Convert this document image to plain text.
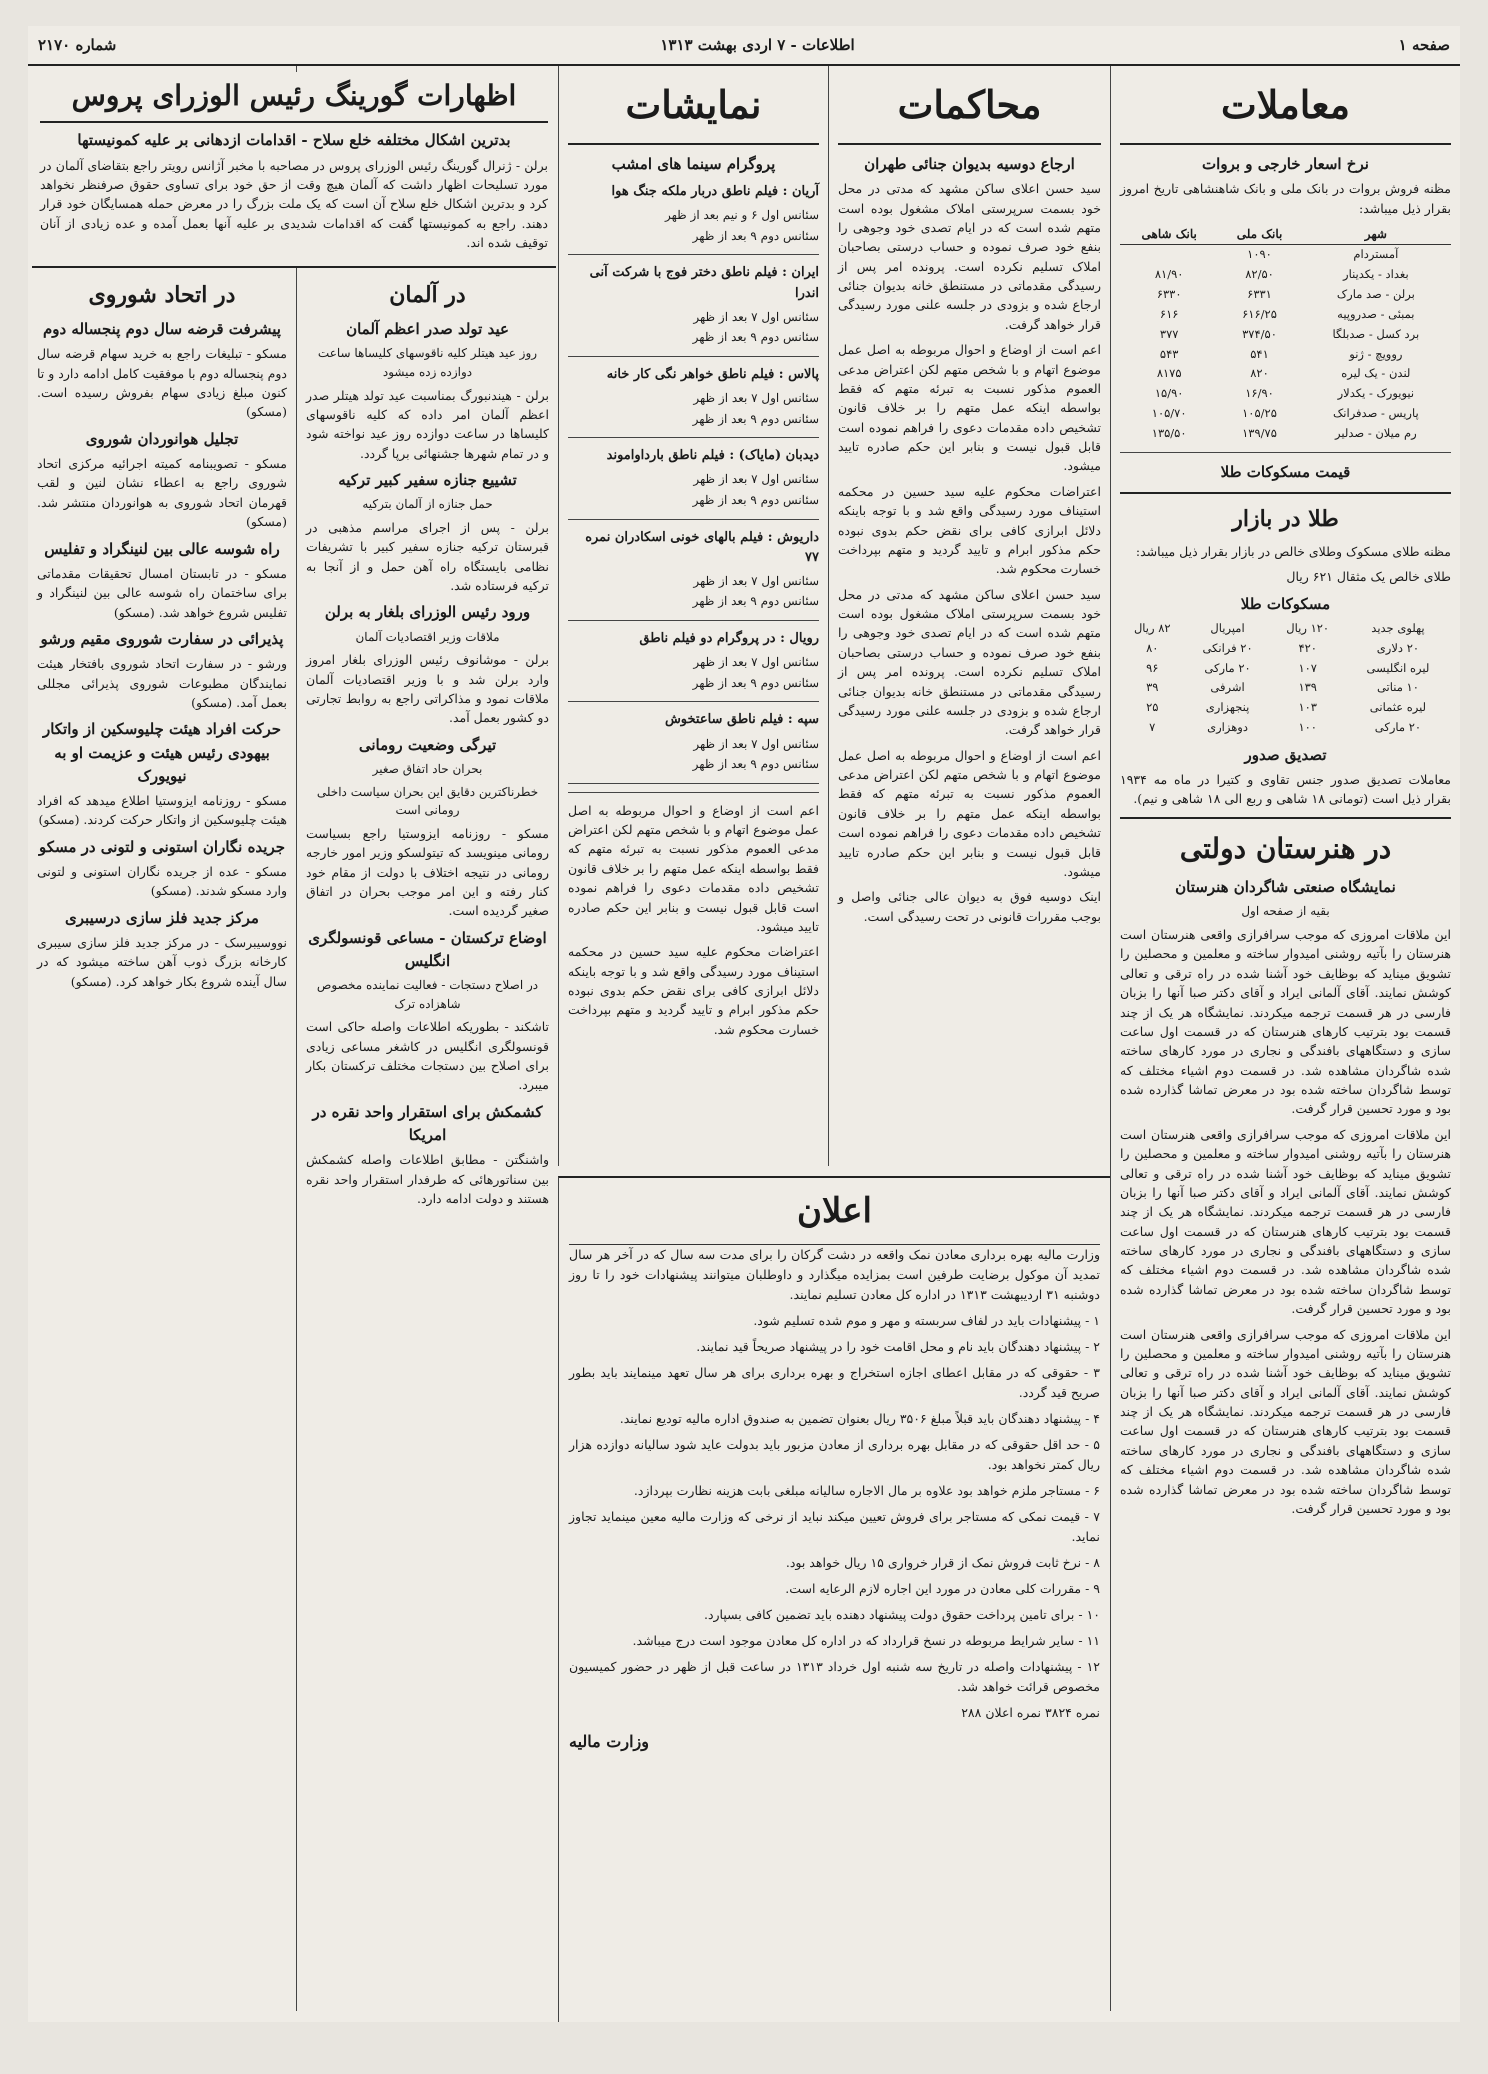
صفحه ۱
اطلاعات - ۷ اردی بهشت ۱۳۱۳
شماره ۲۱۷۰
معاملات
نرخ اسعار خارجی و بروات
مظنه فروش بروات در بانک ملی و بانک شاهنشاهی تاریخ امروز بقرار ذیل میباشد:
شهر	بانک ملی	بانک شاهی
آمستردام	۱۰۹۰	
بغداد - یکدینار	۸۲/۵۰	۸۱/۹۰
برلن - صد مارک	۶۳۳۱	۶۳۳۰
بمبئی - صدروپیه	۶۱۶/۲۵	۶۱۶
برد کسل - صدبلگا	۳۷۴/۵۰	۳۷۷
روویچ - ژنو	۵۴۱	۵۴۳
لندن - یک لیره	۸۲۰	۸۱۷۵
نیویورک - یکدلار	۱۶/۹۰	۱۵/۹۰
پاریس - صدفرانک	۱۰۵/۲۵	۱۰۵/۷۰
رم میلان - صدلیر	۱۳۹/۷۵	۱۳۵/۵۰
قیمت مسکوکات طلا
طلا در بازار
مظنه طلای مسکوک وطلای خالص در بازار بقرار ذیل میباشد:
طلای خالص یک مثقال ۶۲۱ ریال
مسکوکات طلا
پهلوی جدید	۱۲۰ ریال	امپریال	۸۲ ریال
۲۰ دلاری	۴۲۰	۲۰ فرانکی	۸۰
لیره انگلیسی	۱۰۷	۲۰ مارکی	۹۶
۱۰ مناتی	۱۳۹	اشرفی	۳۹
لیره عثمانی	۱۰۳	پنجهزاری	۲۵
۲۰ مارکی	۱۰۰	دوهزاری	۷
تصدیق صدور
معاملات تصدیق صدور جنس تقاوی و کتیرا در ماه مه ۱۹۳۴ بقرار ذیل است (تومانی ۱۸ شاهی و ربع الی ۱۸ شاهی و نیم).
در هنرستان دولتی
نمایشگاه صنعتی شاگردان هنرستان
بقیه از صفحه اول
این ملاقات امروزی که موجب سرافرازی واقعی هنرستان است هنرستان را بآتیه روشنی امیدوار ساخته و معلمین و محصلین را تشویق میناید که بوظایف خود آشنا شده در راه ترقی و تعالی کوشش نمایند. آقای آلمانی ایراد و آقای دکتر صبا آنها را بزبان فارسی در هر قسمت ترجمه میکردند. نمایشگاه هر یک از چند قسمت بود بترتیب کارهای هنرستان که در قسمت اول ساعت سازی و دستگاههای بافندگی و نجاری در مورد کارهای ساخته شده شاگردان مشاهده شد. در قسمت دوم اشیاء مختلف که توسط شاگردان ساخته شده بود در معرض تماشا گذارده شده بود و مورد تحسین قرار گرفت.
این ملاقات امروزی که موجب سرافرازی واقعی هنرستان است هنرستان را بآتیه روشنی امیدوار ساخته و معلمین و محصلین را تشویق میناید که بوظایف خود آشنا شده در راه ترقی و تعالی کوشش نمایند. آقای آلمانی ایراد و آقای دکتر صبا آنها را بزبان فارسی در هر قسمت ترجمه میکردند. نمایشگاه هر یک از چند قسمت بود بترتیب کارهای هنرستان که در قسمت اول ساعت سازی و دستگاههای بافندگی و نجاری در مورد کارهای ساخته شده شاگردان مشاهده شد. در قسمت دوم اشیاء مختلف که توسط شاگردان ساخته شده بود در معرض تماشا گذارده شده بود و مورد تحسین قرار گرفت.
این ملاقات امروزی که موجب سرافرازی واقعی هنرستان است هنرستان را بآتیه روشنی امیدوار ساخته و معلمین و محصلین را تشویق میناید که بوظایف خود آشنا شده در راه ترقی و تعالی کوشش نمایند. آقای آلمانی ایراد و آقای دکتر صبا آنها را بزبان فارسی در هر قسمت ترجمه میکردند. نمایشگاه هر یک از چند قسمت بود بترتیب کارهای هنرستان که در قسمت اول ساعت سازی و دستگاههای بافندگی و نجاری در مورد کارهای ساخته شده شاگردان مشاهده شد. در قسمت دوم اشیاء مختلف که توسط شاگردان ساخته شده بود در معرض تماشا گذارده شده بود و مورد تحسین قرار گرفت.
محاکمات
ارجاع دوسیه بدیوان جنائی طهران
سید حسن اعلای ساکن مشهد که مدتی در محل خود بسمت سرپرستی املاک مشغول بوده است متهم شده است که در ایام تصدی خود وجوهی را بنفع خود صرف نموده و حساب درستی بصاحبان املاک تسلیم نکرده است. پرونده امر پس از رسیدگی مقدماتی در مستنطق خانه بدیوان جنائی ارجاع شده و بزودی در جلسه علنی مورد رسیدگی قرار خواهد گرفت.
اعم است از اوضاع و احوال مربوطه به اصل عمل موضوع اتهام و با شخص متهم لکن اعتراض مدعی العموم مذکور نسبت به تبرئه متهم که فقط بواسطه اینکه عمل متهم را بر خلاف قانون تشخیص داده مقدمات دعوی را فراهم نموده است قابل قبول نیست و بنابر این حکم صادره تایید میشود.
اعتراضات محکوم علیه سید حسین در محکمه استیناف مورد رسیدگی واقع شد و با توجه باینکه دلائل ابرازی کافی برای نقض حکم بدوی نبوده حکم مذکور ابرام و تایید گردید و متهم بپرداخت خسارت محکوم شد.
سید حسن اعلای ساکن مشهد که مدتی در محل خود بسمت سرپرستی املاک مشغول بوده است متهم شده است که در ایام تصدی خود وجوهی را بنفع خود صرف نموده و حساب درستی بصاحبان املاک تسلیم نکرده است. پرونده امر پس از رسیدگی مقدماتی در مستنطق خانه بدیوان جنائی ارجاع شده و بزودی در جلسه علنی مورد رسیدگی قرار خواهد گرفت.
اعم است از اوضاع و احوال مربوطه به اصل عمل موضوع اتهام و با شخص متهم لکن اعتراض مدعی العموم مذکور نسبت به تبرئه متهم که فقط بواسطه اینکه عمل متهم را بر خلاف قانون تشخیص داده مقدمات دعوی را فراهم نموده است قابل قبول نیست و بنابر این حکم صادره تایید میشود.
اینک دوسیه فوق به دیوان عالی جنائی واصل و بوجب مقررات قانونی در تحت رسیدگی است.
نمایشات
پروگرام سینما های امشب
آریان : فیلم ناطق دربار ملکه جنگ هوا
سئانس اول ۶ و نیم بعد از ظهر
سئانس دوم ۹ بعد از ظهر
ایران : فیلم ناطق دختر فوج با شرکت آنی اندرا
سئانس اول ۷ بعد از ظهر
سئانس دوم ۹ بعد از ظهر
پالاس : فیلم ناطق خواهر نگی کار خانه
سئانس اول ۷ بعد از ظهر
سئانس دوم ۹ بعد از ظهر
دیدبان (مایاک) : فیلم ناطق بارداواموند
سئانس اول ۷ بعد از ظهر
سئانس دوم ۹ بعد از ظهر
داریوش : فیلم بالهای خونی اسکادران نمره ۷۷
سئانس اول ۷ بعد از ظهر
سئانس دوم ۹ بعد از ظهر
رویال : در پروگرام دو فیلم ناطق
سئانس اول ۷ بعد از ظهر
سئانس دوم ۹ بعد از ظهر
سپه : فیلم ناطق ساعتخوش
سئانس اول ۷ بعد از ظهر
سئانس دوم ۹ بعد از ظهر
اعم است از اوضاع و احوال مربوطه به اصل عمل موضوع اتهام و با شخص متهم لکن اعتراض مدعی العموم مذکور نسبت به تبرئه متهم که فقط بواسطه اینکه عمل متهم را بر خلاف قانون تشخیص داده مقدمات دعوی را فراهم نموده است قابل قبول نیست و بنابر این حکم صادره تایید میشود.
اعتراضات محکوم علیه سید حسین در محکمه استیناف مورد رسیدگی واقع شد و با توجه باینکه دلائل ابرازی کافی برای نقض حکم بدوی نبوده حکم مذکور ابرام و تایید گردید و متهم بپرداخت خسارت محکوم شد.
در آلمان
عید تولد صدر اعظم آلمان
روز عید هیتلر کلیه ناقوسهای کلیساها ساعت دوازده زده میشود
برلن - هیندنبورگ بمناسبت عید تولد هیتلر صدر اعظم آلمان امر داده که کلیه ناقوسهای کلیساها در ساعت دوازده روز عید نواخته شود و در تمام شهرها جشنهائی برپا گردد.
تشییع جنازه سفیر کبیر ترکیه
حمل جنازه از آلمان بترکیه
برلن - پس از اجرای مراسم مذهبی در قبرستان ترکیه جنازه سفیر کبیر با تشریفات نظامی بایستگاه راه آهن حمل و از آنجا به ترکیه فرستاده شد.
ورود رئیس الوزرای بلغار به برلن
ملاقات وزیر اقتصادیات آلمان
برلن - موشانوف رئیس الوزرای بلغار امروز وارد برلن شد و با وزیر اقتصادیات آلمان ملاقات نمود و مذاکراتی راجع به روابط تجارتی دو کشور بعمل آمد.
تیرگی وضعیت رومانی
بحران حاد اتفاق صغیر
خطرناکترین دقایق این بحران سیاست داخلی رومانی است
مسکو - روزنامه ایزوستیا راجع بسیاست رومانی مینویسد که تیتولسکو وزیر امور خارجه رومانی در نتیجه اختلاف با دولت از مقام خود کنار رفته و این امر موجب بحران در اتفاق صغیر گردیده است.
اوضاع ترکستان - مساعی قونسولگری انگلیس
در اصلاح دستجات - فعالیت نماینده مخصوص شاهزاده ترک
تاشکند - بطوریکه اطلاعات واصله حاکی است قونسولگری انگلیس در کاشغر مساعی زیادی برای اصلاح بین دستجات مختلف ترکستان بکار میبرد.
کشمکش برای استقرار واحد نقره در امریکا
واشنگتن - مطابق اطلاعات واصله کشمکش بین سناتورهائی که طرفدار استقرار واحد نقره هستند و دولت ادامه دارد.
در اتحاد شوروی
پیشرفت قرضه سال دوم پنجساله دوم
مسکو - تبلیغات راجع به خرید سهام قرضه سال دوم پنجساله دوم با موفقیت کامل ادامه دارد و تا کنون مبلغ زیادی سهام بفروش رسیده است. (مسکو)
تجلیل هوانوردان شوروی
مسکو - تصویبنامه کمیته اجرائیه مرکزی اتحاد شوروی راجع به اعطاء نشان لنین و لقب قهرمان اتحاد شوروی به هوانوردان منتشر شد. (مسکو)
راه شوسه عالی بین لنینگراد و تفلیس
مسکو - در تابستان امسال تحقیقات مقدماتی برای ساختمان راه شوسه عالی بین لنینگراد و تفلیس شروع خواهد شد. (مسکو)
پذیرائی در سفارت شوروی مقیم ورشو
ورشو - در سفارت اتحاد شوروی بافتخار هیئت نمایندگان مطبوعات شوروی پذیرائی مجللی بعمل آمد. (مسکو)
حرکت افراد هیئت چلیوسکین از واتکار بیهودی رئیس هیئت و عزیمت او به نیویورک
مسکو - روزنامه ایزوستیا اطلاع میدهد که افراد هیئت چلیوسکین از واتکار حرکت کردند. (مسکو)
جریده نگاران استونی و لتونی در مسکو
مسکو - عده از جریده نگاران استونی و لتونی وارد مسکو شدند. (مسکو)
مرکز جدید فلز سازی درسیبری
نووسیبرسک - در مرکز جدید فلز سازی سیبری کارخانه بزرگ ذوب آهن ساخته میشود که در سال آینده شروع بکار خواهد کرد. (مسکو)
اظهارات گورینگ رئیس الوزرای پروس
بدترین اشکال مختلفه خلع سلاح - اقدامات ازدهانی بر علیه کمونیستها
برلن - ژنرال گورینگ رئیس الوزرای پروس در مصاحبه با مخبر آژانس رویتر راجع بتقاضای آلمان در مورد تسلیحات اظهار داشت که آلمان هیچ وقت از حق خود برای تساوی حقوق صرفنظر نخواهد کرد و بدترین اشکال خلع سلاح آن است که یک ملت بزرگ را در معرض حمله همسایگان خود قرار دهند. راجع به کمونیستها گفت که اقدامات شدیدی بر علیه آنها بعمل آمده و عده زیادی از آنان توقیف شده اند.
اعلان
وزارت مالیه بهره برداری معادن نمک واقعه در دشت گرکان را برای مدت سه سال که در آخر هر سال تمدید آن موکول برضایت طرفین است بمزایده میگذارد و داوطلبان میتوانند پیشنهادات خود را تا روز دوشنبه ۳۱ اردیبهشت ۱۳۱۳ در اداره کل معادن تسلیم نمایند.
۱ - پیشنهادات باید در لفاف سربسته و مهر و موم شده تسلیم شود.
۲ - پیشنهاد دهندگان باید نام و محل اقامت خود را در پیشنهاد صریحاً قید نمایند.
۳ - حقوقی که در مقابل اعطای اجازه استخراج و بهره برداری برای هر سال تعهد مینمایند باید بطور صریح قید گردد.
۴ - پیشنهاد دهندگان باید قبلاً مبلغ ۳۵۰۶ ریال بعنوان تضمین به صندوق اداره مالیه تودیع نمایند.
۵ - حد اقل حقوقی که در مقابل بهره برداری از معادن مزبور باید بدولت عاید شود سالیانه دوازده هزار ریال کمتر نخواهد بود.
۶ - مستاجر ملزم خواهد بود علاوه بر مال الاجاره سالیانه مبلغی بابت هزینه نظارت بپردازد.
۷ - قیمت نمکی که مستاجر برای فروش تعیین میکند نباید از نرخی که وزارت مالیه معین مینماید تجاوز نماید.
۸ - نرخ ثابت فروش نمک از قرار خرواری ۱۵ ریال خواهد بود.
۹ - مقررات کلی معادن در مورد این اجاره لازم الرعایه است.
۱۰ - برای تامین پرداخت حقوق دولت پیشنهاد دهنده باید تضمین کافی بسپارد.
۱۱ - سایر شرایط مربوطه در نسخ قرارداد که در اداره کل معادن موجود است درج میباشد.
۱۲ - پیشنهادات واصله در تاریخ سه شنبه اول خرداد ۱۳۱۳ در ساعت قبل از ظهر در حضور کمیسیون مخصوص قرائت خواهد شد.
نمره ۳۸۲۴ نمره اعلان ۲۸۸
وزارت مالیه
